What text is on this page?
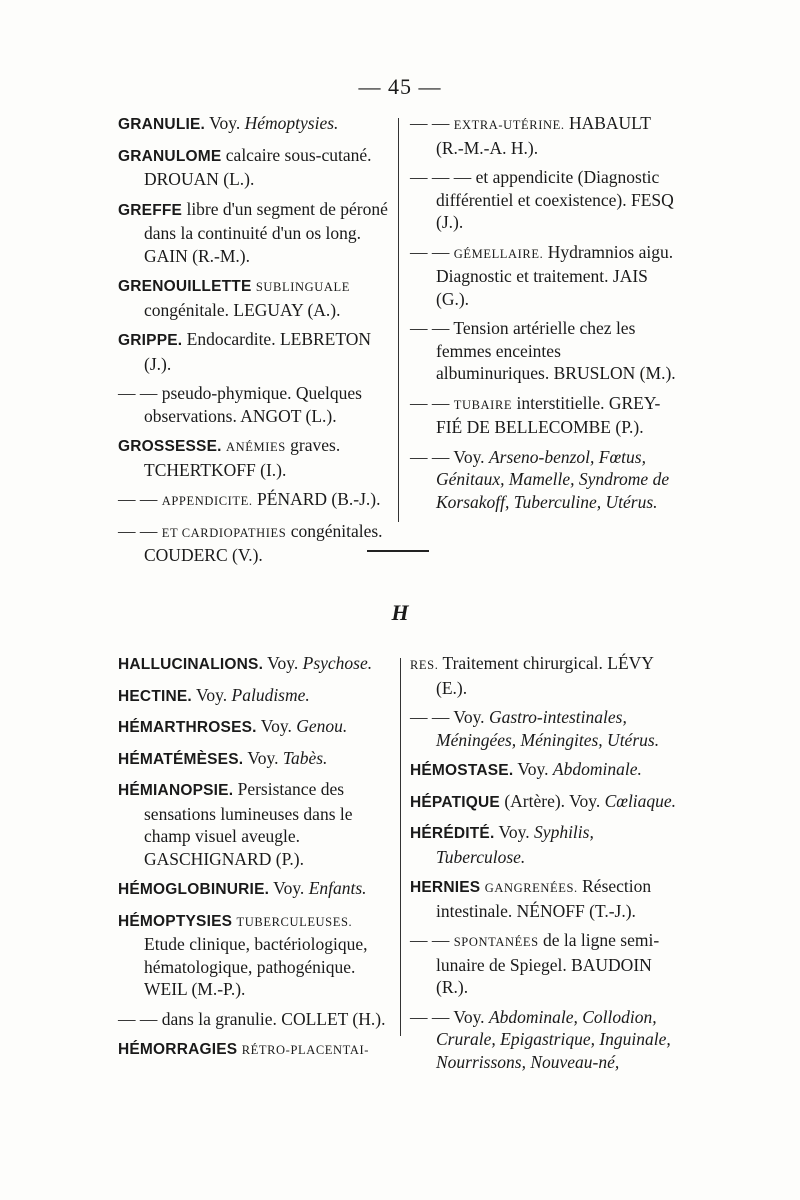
— 45 —
GRANULIE. Voy. Hémoptysies.
GRANULOME calcaire sous-cutané. DROUAN (L.).
GREFFE libre d'un segment de péroné dans la continuité d'un os long. GAIN (R.-M.).
GRENOUILLETTE SUBLINGUALE congénitale. LEGUAY (A.).
GRIPPE. Endocardite. LEBRETON (J.).
— — pseudo-phymique. Quelques observations. ANGOT (L.).
GROSSESSE. ANÉMIES graves. TCHERTKOFF (I.).
— — APPENDICITE. PÉNARD (B.-J.).
— — ET CARDIOPATHIES congénitales. COUDERC (V.).
— — EXTRA-UTÉRINE. HABAULT (R.-M.-A. H.).
— — — et appendicite (Diagnostic différentiel et coexistence). FESQ (J.).
— — GÉMELLAIRE. Hydramnios aigu. Diagnostic et traitement. JAIS (G.).
— — Tension artérielle chez les femmes enceintes albuminuriques. BRUSLON (M.).
— — TUBAIRE interstitielle. GREY-FIÉ DE BELLECOMBE (P.).
— — Voy. Arseno-benzol, Fœtus, Génitaux, Mamelle, Syndrome de Korsakoff, Tuberculine, Utérus.
H
HALLUCINALIONS. Voy. Psychose.
HECTINE. Voy. Paludisme.
HÉMARTHROSES. Voy. Genou.
HÉMATÉMÈSES. Voy. Tabès.
HÉMIANOPSIE. Persistance des sensations lumineuses dans le champ visuel aveugle. GASCHIGNARD (P.).
HÉMOGLOBINURIE. Voy. Enfants.
HÉMOPTYSIES TUBERCULEUSES. Etude clinique, bactériologique, hématologique, pathogénique. WEIL (M.-P.).
— — dans la granulie. COLLET (H.).
HÉMORRAGIES RÉTRO-PLACENTAI-
RES. Traitement chirurgical. LÉVY (E.).
— — Voy. Gastro-intestinales, Méningées, Méningites, Utérus.
HÉMOSTASE. Voy. Abdominale.
HÉPATIQUE (Artère). Voy. Cœliaque.
HÉRÉDITÉ. Voy. Syphilis, Tuberculose.
HERNIES GANGRENÉES. Résection intestinale. NÉNOFF (T.-J.).
— — SPONTANÉES de la ligne semi-lunaire de Spiegel. BAUDOIN (R.).
— — Voy. Abdominale, Collodion, Crurale, Epigastrique, Inguinale, Nourrissons, Nouveau-né,
